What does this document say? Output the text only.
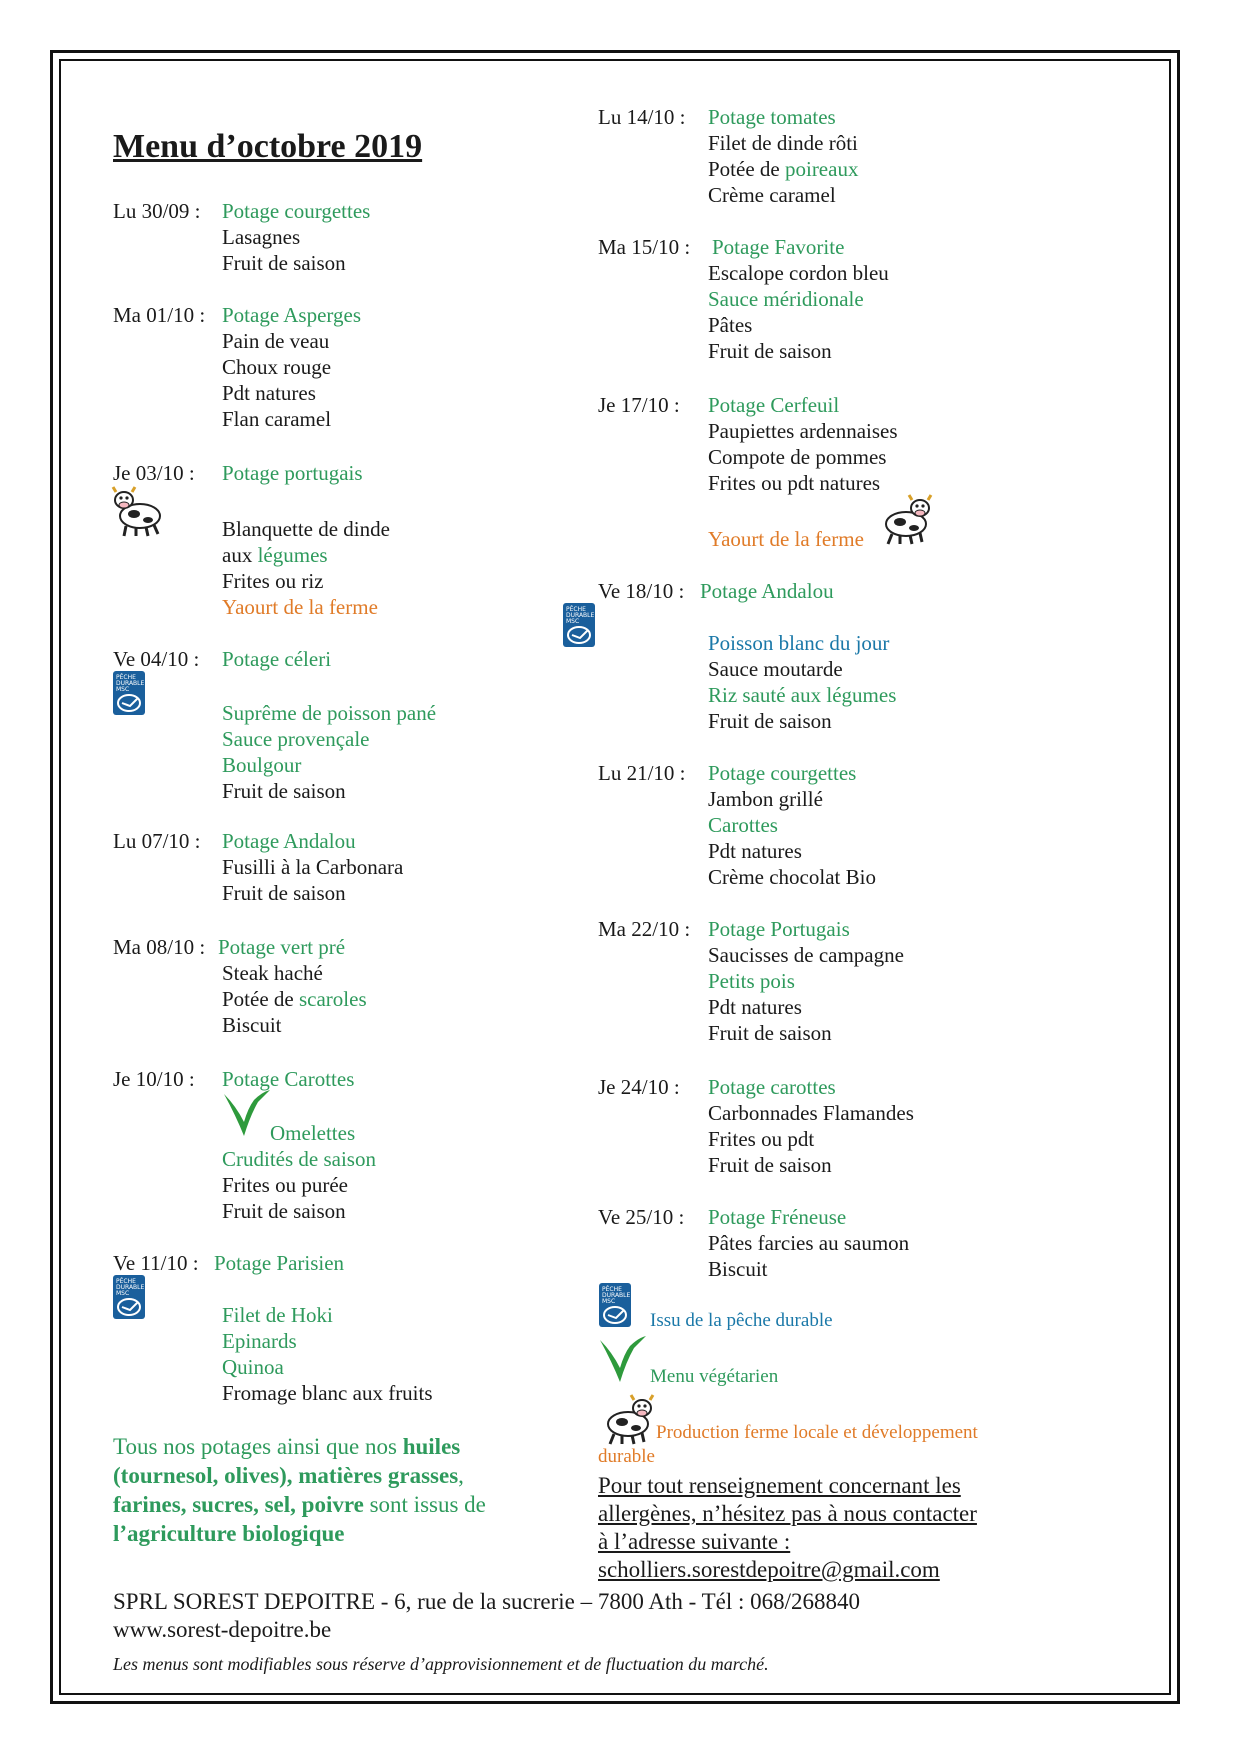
Menu d’octobre 2019
Lu 30/09 : Potage courgettes
Lasagnes
Fruit de saison
Ma 01/10 : Potage Asperges
Pain de veau
Choux rouge
Pdt natures
Flan caramel
Je 03/10 : Potage portugais
Blanquette de dinde
aux légumes
Frites ou riz
Yaourt de la ferme
Ve 04/10 : Potage céleri
PÊCHE
DURABLE
MSC
Suprême de poisson pané
Sauce provençale
Boulgour
Fruit de saison
Lu 07/10 : Potage Andalou
Fusilli à la Carbonara
Fruit de saison
Ma 08/10 : Potage vert pré
Steak haché
Potée de scaroles
Biscuit
Je 10/10 : Potage Carottes
Omelettes
Crudités de saison
Frites ou purée
Fruit de saison
Ve 11/10 : Potage Parisien
PÊCHE
DURABLE
MSC
Filet de Hoki
Epinards
Quinoa
Fromage blanc aux fruits
Tous nos potages ainsi que nos huiles (tournesol, olives), matières grasses, farines, sucres, sel, poivre sont issus de l’agriculture biologique
Lu 14/10 : Potage tomates
Filet de dinde rôti
Potée de poireaux
Crème caramel
Ma 15/10 : Potage Favorite
Escalope cordon bleu
Sauce méridionale
Pâtes
Fruit de saison
Je 17/10 : Potage Cerfeuil
Paupiettes ardennaises
Compote de pommes
Frites ou pdt natures
Yaourt de la ferme
Ve 18/10 : Potage Andalou
PÊCHE
DURABLE
MSC
Poisson blanc du jour
Sauce moutarde
Riz sauté aux légumes
Fruit de saison
Lu 21/10 : Potage courgettes
Jambon grillé
Carottes
Pdt natures
Crème chocolat Bio
Ma 22/10 : Potage Portugais
Saucisses de campagne
Petits pois
Pdt natures
Fruit de saison
Je 24/10 : Potage carottes
Carbonnades Flamandes
Frites ou pdt
Fruit de saison
Ve 25/10 : Potage Fréneuse
Pâtes farcies au saumon
Biscuit
PÊCHE
DURABLE
MSC
Issu de la pêche durable
Menu végétarien
Production ferme locale et développement
durable
Pour tout renseignement concernant les
allergènes, n’hésitez pas à nous contacter
à l’adresse suivante :
scholliers.sorestdepoitre@gmail.com
SPRL SOREST DEPOITRE - 6, rue de la sucrerie – 7800 Ath - Tél : 068/268840
www.sorest-depoitre.be
Les menus sont modifiables sous réserve d’approvisionnement et de fluctuation du marché.
